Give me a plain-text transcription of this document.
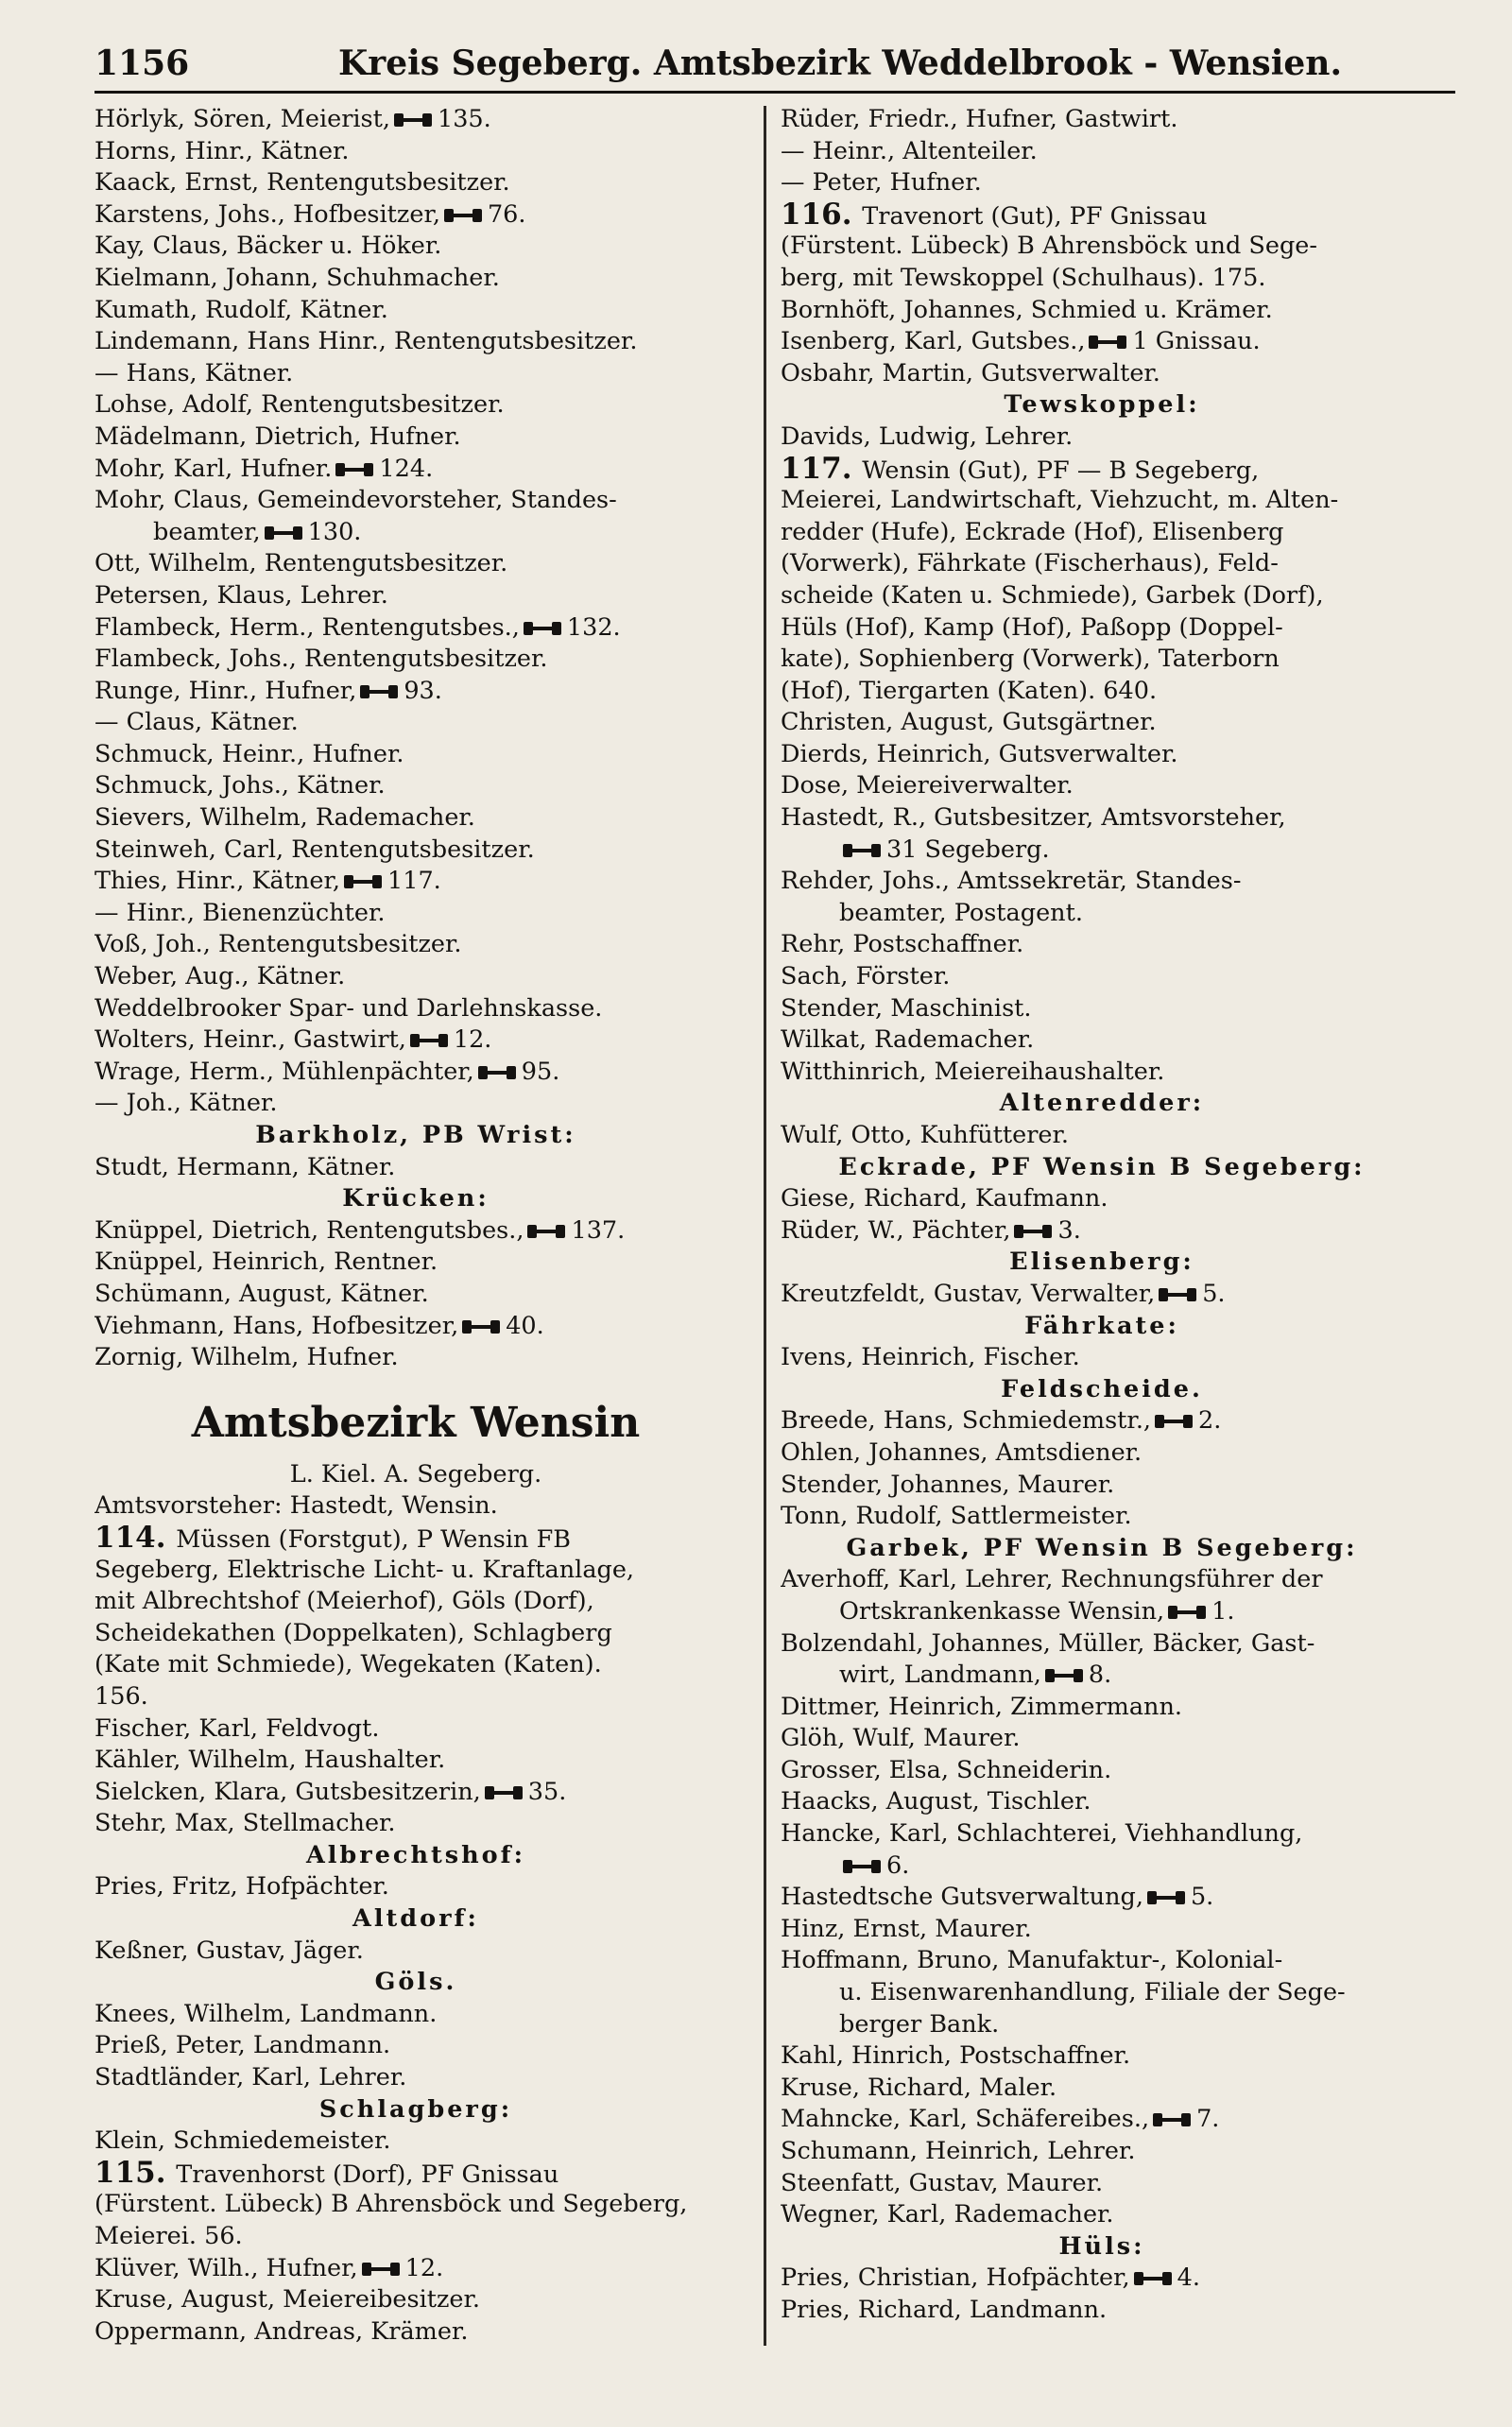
1156	Kreis Segeberg. Amtsbezirk Weddelbrook - Wensien.
Hörlyk, Sören, Meierist, 135.
Horns, Hinr., Kätner.
Kaack, Ernst, Rentengutsbesitzer.
Karstens, Johs., Hofbesitzer, 76.
Kay, Claus, Bäcker u. Höker.
Kielmann, Johann, Schuhmacher.
Kumath, Rudolf, Kätner.
Lindemann, Hans Hinr., Rentengutsbesitzer.
— Hans, Kätner.
Lohse, Adolf, Rentengutsbesitzer.
Mädelmann, Dietrich, Hufner.
Mohr, Karl, Hufner. 124.
Mohr, Claus, Gemeindevorsteher, Standes-
beamter, 130.
Ott, Wilhelm, Rentengutsbesitzer.
Petersen, Klaus, Lehrer.
Flambeck, Herm., Rentengutsbes., 132.
Flambeck, Johs., Rentengutsbesitzer.
Runge, Hinr., Hufner, 93.
— Claus, Kätner.
Schmuck, Heinr., Hufner.
Schmuck, Johs., Kätner.
Sievers, Wilhelm, Rademacher.
Steinweh, Carl, Rentengutsbesitzer.
Thies, Hinr., Kätner, 117.
— Hinr., Bienenzüchter.
Voß, Joh., Rentengutsbesitzer.
Weber, Aug., Kätner.
Weddelbrooker Spar- und Darlehnskasse.
Wolters, Heinr., Gastwirt, 12.
Wrage, Herm., Mühlenpächter, 95.
— Joh., Kätner.
Barkholz, PB Wrist:
Studt, Hermann, Kätner.
Krücken:
Knüppel, Dietrich, Rentengutsbes., 137.
Knüppel, Heinrich, Rentner.
Schümann, August, Kätner.
Viehmann, Hans, Hofbesitzer, 40.
Zornig, Wilhelm, Hufner.
Amtsbezirk Wensin
L. Kiel. A. Segeberg.
Amtsvorsteher: Hastedt, Wensin.
114. Müssen (Forstgut), P Wensin FB
Segeberg, Elektrische Licht- u. Kraftanlage,
mit Albrechtshof (Meierhof), Göls (Dorf),
Scheidekathen (Doppelkaten), Schlagberg
(Kate mit Schmiede), Wegekaten (Katen).
156.
Fischer, Karl, Feldvogt.
Kähler, Wilhelm, Haushalter.
Sielcken, Klara, Gutsbesitzerin, 35.
Stehr, Max, Stellmacher.
Albrechtshof:
Pries, Fritz, Hofpächter.
Altdorf:
Keßner, Gustav, Jäger.
Göls.
Knees, Wilhelm, Landmann.
Prieß, Peter, Landmann.
Stadtländer, Karl, Lehrer.
Schlagberg:
Klein, Schmiedemeister.
115. Travenhorst (Dorf), PF Gnissau
(Fürstent. Lübeck) B Ahrensböck und Segeberg,
Meierei. 56.
Klüver, Wilh., Hufner, 12.
Kruse, August, Meiereibesitzer.
Oppermann, Andreas, Krämer.
Rüder, Friedr., Hufner, Gastwirt.
— Heinr., Altenteiler.
— Peter, Hufner.
116. Travenort (Gut), PF Gnissau
(Fürstent. Lübeck) B Ahrensböck und Sege-
berg, mit Tewskoppel (Schulhaus). 175.
Bornhöft, Johannes, Schmied u. Krämer.
Isenberg, Karl, Gutsbes., 1 Gnissau.
Osbahr, Martin, Gutsverwalter.
Tewskoppel:
Davids, Ludwig, Lehrer.
117. Wensin (Gut), PF — B Segeberg,
Meierei, Landwirtschaft, Viehzucht, m. Alten-
redder (Hufe), Eckrade (Hof), Elisenberg
(Vorwerk), Fährkate (Fischerhaus), Feld-
scheide (Katen u. Schmiede), Garbek (Dorf),
Hüls (Hof), Kamp (Hof), Paßopp (Doppel-
kate), Sophienberg (Vorwerk), Taterborn
(Hof), Tiergarten (Katen). 640.
Christen, August, Gutsgärtner.
Dierds, Heinrich, Gutsverwalter.
Dose, Meiereiverwalter.
Hastedt, R., Gutsbesitzer, Amtsvorsteher,
31 Segeberg.
Rehder, Johs., Amtssekretär, Standes-
beamter, Postagent.
Rehr, Postschaffner.
Sach, Förster.
Stender, Maschinist.
Wilkat, Rademacher.
Witthinrich, Meiereihaushalter.
Altenredder:
Wulf, Otto, Kuhfütterer.
Eckrade, PF Wensin B Segeberg:
Giese, Richard, Kaufmann.
Rüder, W., Pächter, 3.
Elisenberg:
Kreutzfeldt, Gustav, Verwalter, 5.
Fährkate:
Ivens, Heinrich, Fischer.
Feldscheide.
Breede, Hans, Schmiedemstr., 2.
Ohlen, Johannes, Amtsdiener.
Stender, Johannes, Maurer.
Tonn, Rudolf, Sattlermeister.
Garbek, PF Wensin B Segeberg:
Averhoff, Karl, Lehrer, Rechnungsführer der
Ortskrankenkasse Wensin, 1.
Bolzendahl, Johannes, Müller, Bäcker, Gast-
wirt, Landmann, 8.
Dittmer, Heinrich, Zimmermann.
Glöh, Wulf, Maurer.
Grosser, Elsa, Schneiderin.
Haacks, August, Tischler.
Hancke, Karl, Schlachterei, Viehhandlung,
6.
Hastedtsche Gutsverwaltung, 5.
Hinz, Ernst, Maurer.
Hoffmann, Bruno, Manufaktur-, Kolonial-
u. Eisenwarenhandlung, Filiale der Sege-
berger Bank.
Kahl, Hinrich, Postschaffner.
Kruse, Richard, Maler.
Mahncke, Karl, Schäfereibes., 7.
Schumann, Heinrich, Lehrer.
Steenfatt, Gustav, Maurer.
Wegner, Karl, Rademacher.
Hüls:
Pries, Christian, Hofpächter, 4.
Pries, Richard, Landmann.
